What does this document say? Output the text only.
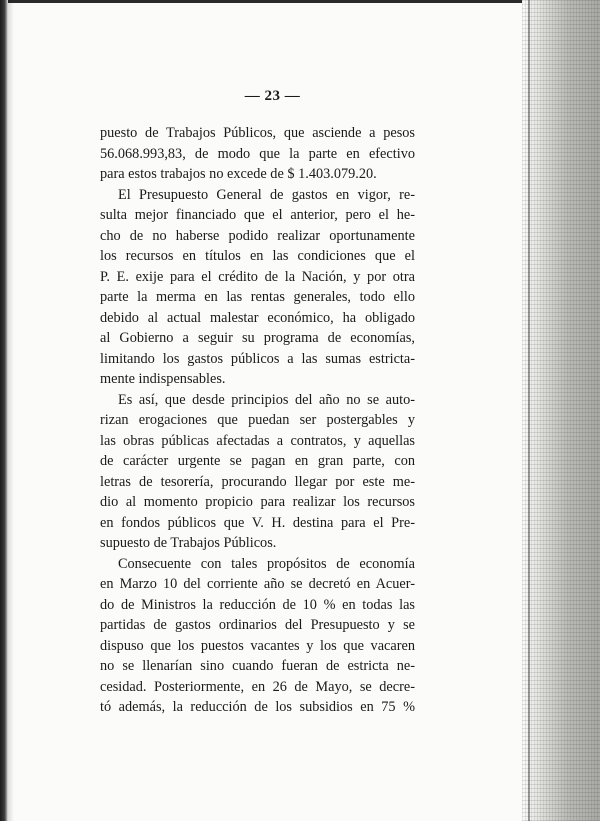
— 23 —
puesto de Trabajos Públicos, que asciende a pesos
56.068.993,83, de modo que la parte en efectivo
para estos trabajos no excede de $ 1.403.079.20.
El Presupuesto General de gastos en vigor, re-
sulta mejor financiado que el anterior, pero el he-
cho de no haberse podido realizar oportunamente
los recursos en títulos en las condiciones que el
P. E. exije para el crédito de la Nación, y por otra
parte la merma en las rentas generales, todo ello
debido al actual malestar económico, ha obligado
al Gobierno a seguir su programa de economías,
limitando los gastos públicos a las sumas estricta-
mente indispensables.
Es así, que desde principios del año no se auto-
rizan erogaciones que puedan ser postergables y
las obras públicas afectadas a contratos, y aquellas
de carácter urgente se pagan en gran parte, con
letras de tesorería, procurando llegar por este me-
dio al momento propicio para realizar los recursos
en fondos públicos que V. H. destina para el Pre-
supuesto de Trabajos Públicos.
Consecuente con tales propósitos de economía
en Marzo 10 del corriente año se decretó en Acuer-
do de Ministros la reducción de 10 % en todas las
partidas de gastos ordinarios del Presupuesto y se
dispuso que los puestos vacantes y los que vacaren
no se llenarían sino cuando fueran de estricta ne-
cesidad. Posteriormente, en 26 de Mayo, se decre-
tó además, la reducción de los subsidios en 75 %
